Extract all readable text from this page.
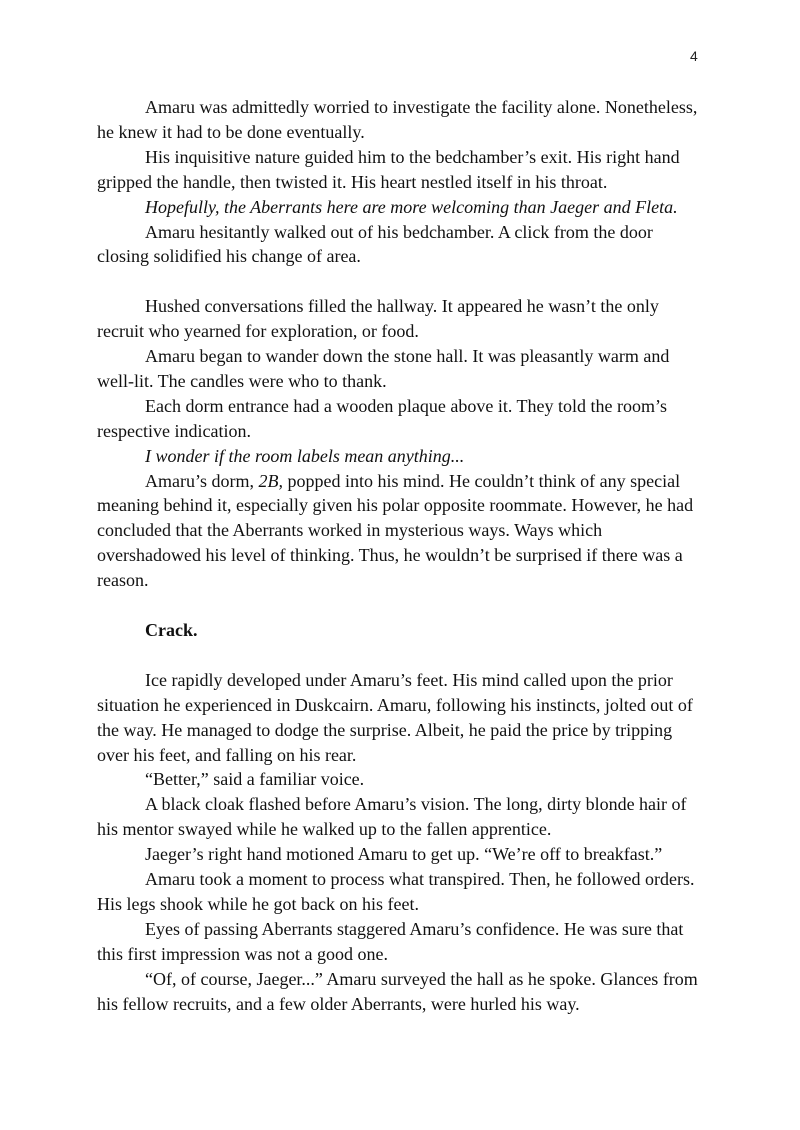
4

Amaru was admittedly worried to investigate the facility alone. Nonetheless, he knew it had to be done eventually.

His inquisitive nature guided him to the bedchamber’s exit. His right hand gripped the handle, then twisted it. His heart nestled itself in his throat.

Hopefully, the Aberrants here are more welcoming than Jaeger and Fleta.

Amaru hesitantly walked out of his bedchamber. A click from the door closing solidified his change of area.

Hushed conversations filled the hallway. It appeared he wasn’t the only recruit who yearned for exploration, or food.

Amaru began to wander down the stone hall. It was pleasantly warm and well-lit. The candles were who to thank.

Each dorm entrance had a wooden plaque above it. They told the room’s respective indication.

I wonder if the room labels mean anything...

Amaru’s dorm, 2B, popped into his mind. He couldn’t think of any special meaning behind it, especially given his polar opposite roommate. However, he had concluded that the Aberrants worked in mysterious ways. Ways which overshadowed his level of thinking. Thus, he wouldn’t be surprised if there was a reason.

Crack.

Ice rapidly developed under Amaru’s feet. His mind called upon the prior situation he experienced in Duskcairn. Amaru, following his instincts, jolted out of the way. He managed to dodge the surprise. Albeit, he paid the price by tripping over his feet, and falling on his rear.

“Better,” said a familiar voice.

A black cloak flashed before Amaru’s vision. The long, dirty blonde hair of his mentor swayed while he walked up to the fallen apprentice.

Jaeger’s right hand motioned Amaru to get up. “We’re off to breakfast.”

Amaru took a moment to process what transpired. Then, he followed orders. His legs shook while he got back on his feet.

Eyes of passing Aberrants staggered Amaru’s confidence. He was sure that this first impression was not a good one.

“Of, of course, Jaeger...” Amaru surveyed the hall as he spoke. Glances from his fellow recruits, and a few older Aberrants, were hurled his way.
